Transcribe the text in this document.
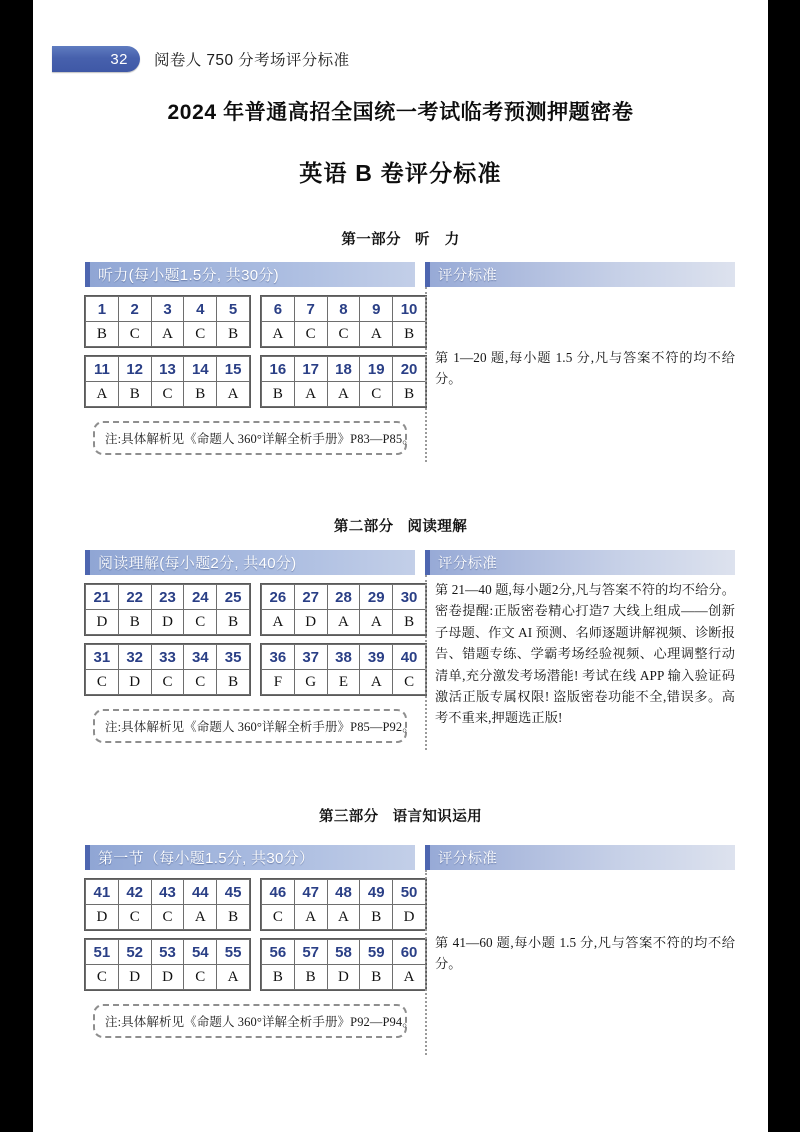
32 阅卷人 750 分考场评分标准
2024 年普通高招全国统一考试临考预测押题密卷
英语 B 卷评分标准
第一部分 听　力
听力(每小题1.5分, 共30分)
1	2	3	4	5
B	C	A	C	B
6	7	8	9	10
A	C	C	A	B
11	12	13	14	15
A	B	C	B	A
16	17	18	19	20
B	A	A	C	B
注:具体解析见《命题人 360°详解全析手册》P83—P85。
评分标准
第 1—20 题,每小题 1.5 分,凡与答案不符的均不给分。
第二部分 阅读理解
阅读理解(每小题2分, 共40分)
21	22	23	24	25
D	B	D	C	B
26	27	28	29	30
A	D	A	A	B
31	32	33	34	35
C	D	C	C	B
36	37	38	39	40
F	G	E	A	C
注:具体解析见《命题人 360°详解全析手册》P85—P92。
评分标准
第 21—40 题,每小题2分,凡与答案不符的均不给分。密卷提醒:正版密卷精心打造7 大线上组成——创新子母题、作文 AI 预测、名师逐题讲解视频、诊断报告、错题专练、学霸考场经验视频、心理调整行动清单,充分激发考场潜能! 考试在线 APP 输入验证码激活正版专属权限! 盗版密卷功能不全,错误多。高考不重来,押题选正版!
第三部分 语言知识运用
第一节（每小题1.5分, 共30分）
41	42	43	44	45
D	C	C	A	B
46	47	48	49	50
C	A	A	B	D
51	52	53	54	55
C	D	D	C	A
56	57	58	59	60
B	B	D	B	A
注:具体解析见《命题人 360°详解全析手册》P92—P94。
评分标准
第 41—60 题,每小题 1.5 分,凡与答案不符的均不给分。
